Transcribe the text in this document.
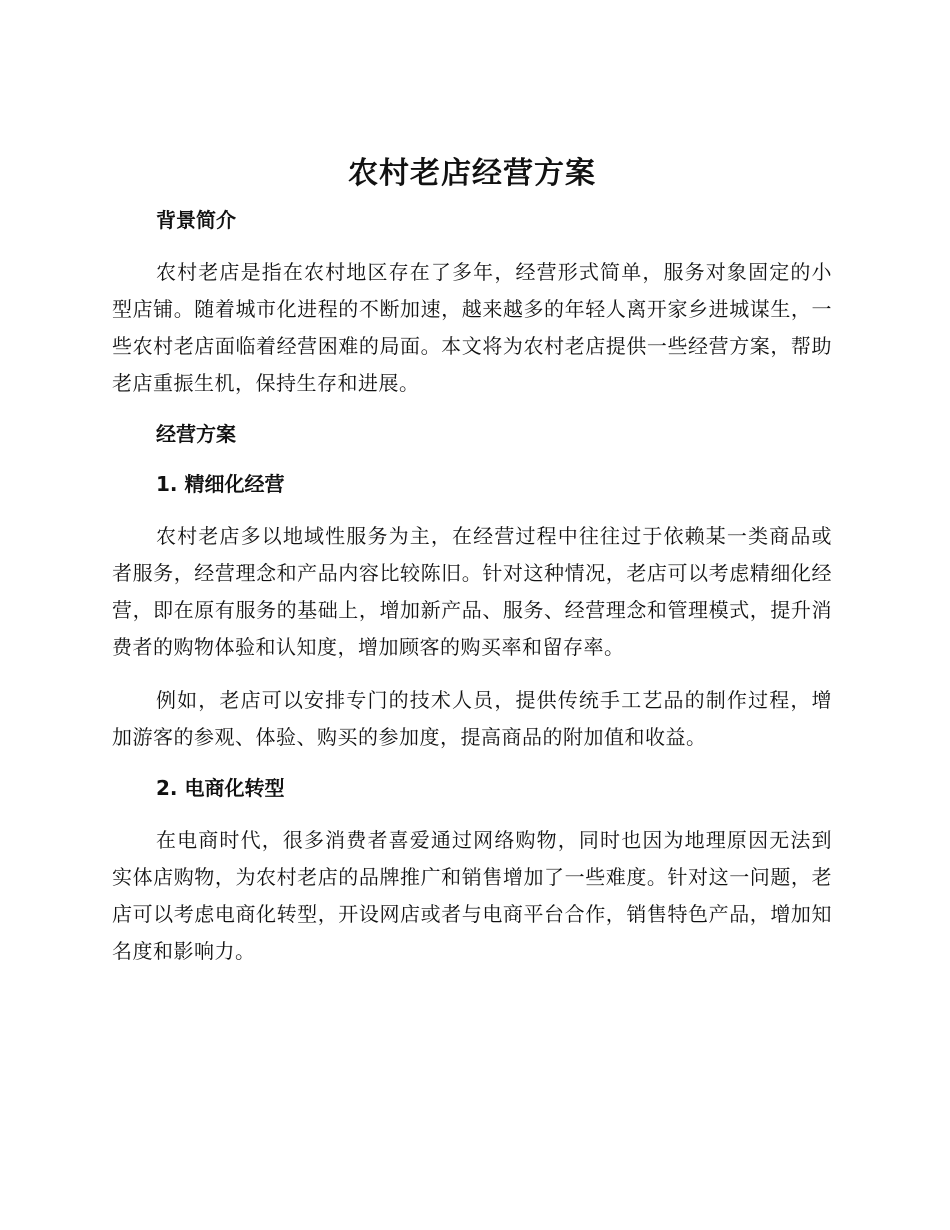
农村老店经营方案
背景简介

农村老店是指在农村地区存在了多年，经营形式简单，服务对象固定的小型店铺。随着城市化进程的不断加速，越来越多的年轻人离开家乡进城谋生，一些农村老店面临着经营困难的局面。本文将为农村老店提供一些经营方案，帮助老店重振生机，保持生存和进展。

经营方案
1. 精细化经营

农村老店多以地域性服务为主，在经营过程中往往过于依赖某一类商品或者服务，经营理念和产品内容比较陈旧。针对这种情况，老店可以考虑精细化经营，即在原有服务的基础上，增加新产品、服务、经营理念和管理模式，提升消费者的购物体验和认知度，增加顾客的购买率和留存率。

例如，老店可以安排专门的技术人员，提供传统手工艺品的制作过程，增加游客的参观、体验、购买的参加度，提高商品的附加值和收益。

2. 电商化转型

在电商时代，很多消费者喜爱通过网络购物，同时也因为地理原因无法到实体店购物，为农村老店的品牌推广和销售增加了一些难度。针对这一问题，老店可以考虑电商化转型，开设网店或者与电商平台合作，销售特色产品，增加知名度和影响力。
